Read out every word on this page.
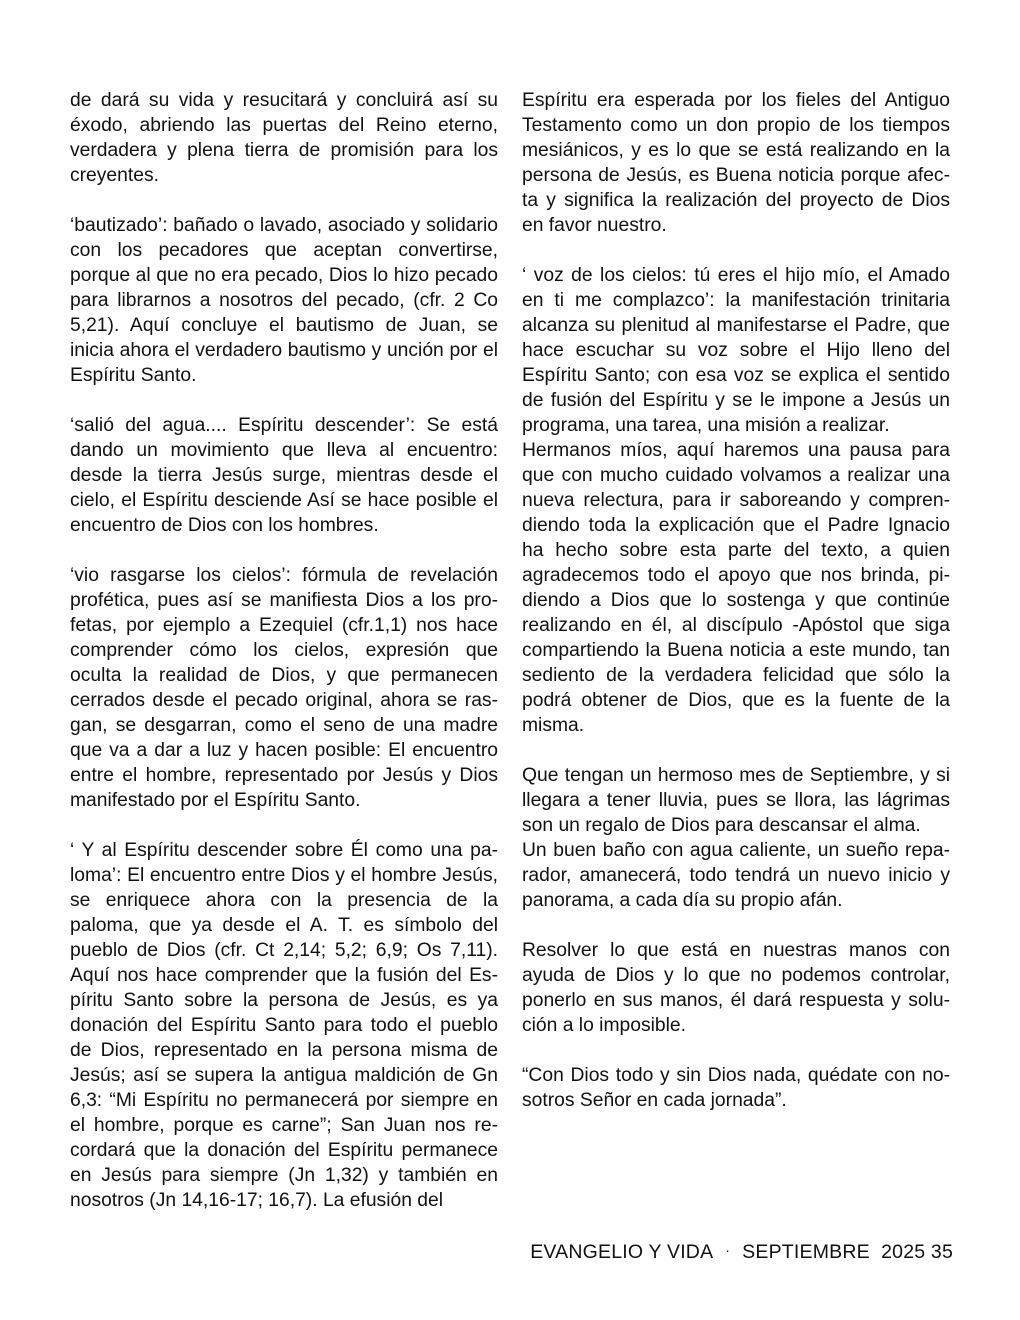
de dará su vida y resucitará y concluirá así su éxodo, abriendo las puertas del Reino eterno, verdadera y plena tierra de promisión para los creyentes.

‘bautizado’: bañado o lavado, asociado y solidario con los pecadores que aceptan convertirse, porque al que no era pecado, Dios lo hizo pecado para librarnos a nosotros del pecado, (cfr. 2 Co 5,21). Aquí concluye el bautismo de Juan, se inicia ahora el verdadero bautismo y unción por el Espíritu Santo.

‘salió del agua.... Espíritu descender’: Se está dando un movimiento que lleva al encuentro: desde la tierra Jesús surge, mientras desde el cielo, el Espíritu desciende Así se hace posible el encuentro de Dios con los hombres.

‘vio rasgarse los cielos’: fórmula de revelación profética, pues así se manifiesta Dios a los profetas, por ejemplo a Ezequiel (cfr.1,1) nos hace comprender cómo los cielos, expresión que oculta la realidad de Dios, y que permanecen cerrados desde el pecado original, ahora se rasgan, se desgarran, como el seno de una madre que va a dar a luz y hacen posible: El encuentro entre el hombre, representado por Jesús y Dios manifestado por el Espíritu Santo.

‘ Y al Espíritu descender sobre Él como una paloma’: El encuentro entre Dios y el hombre Jesús, se enriquece ahora con la presencia de la paloma, que ya desde el A. T. es símbolo del pueblo de Dios (cfr. Ct 2,14; 5,2; 6,9; Os 7,11). Aquí nos hace comprender que la fusión del Espíritu Santo sobre la persona de Jesús, es ya donación del Espíritu Santo para todo el pueblo de Dios, representado en la persona misma de Jesús; así se supera la antigua maldición de Gn 6,3: “Mi Espíritu no permanecerá por siempre en el hombre, porque es carne”; San Juan nos recordará que la donación del Espíritu permanece en Jesús para siempre (Jn 1,32) y también en nosotros (Jn 14,16-17; 16,7). La efusión del

Espíritu era esperada por los fieles del Antiguo Testamento como un don propio de los tiempos mesiánicos, y es lo que se está realizando en la persona de Jesús, es Buena noticia porque afecta y significa la realización del proyecto de Dios en favor nuestro.

‘ voz de los cielos: tú eres el hijo mío, el Amado en ti me complazco’: la manifestación trinitaria alcanza su plenitud al manifestarse el Padre, que hace escuchar su voz sobre el Hijo lleno del Espíritu Santo; con esa voz se explica el sentido de fusión del Espíritu y se le impone a Jesús un programa, una tarea, una misión a realizar.

Hermanos míos, aquí haremos una pausa para que con mucho cuidado volvamos a realizar una nueva relectura, para ir saboreando y comprendiendo toda la explicación que el Padre Ignacio ha hecho sobre esta parte del texto, a quien agradecemos todo el apoyo que nos brinda, pidiendo a Dios que lo sostenga y que continúe realizando en él, al discípulo -Apóstol que siga compartiendo la Buena noticia a este mundo, tan sediento de la verdadera felicidad que sólo la podrá obtener de Dios, que es la fuente de la misma.

Que tengan un hermoso mes de Septiembre, y si llegara a tener lluvia, pues se llora, las lágrimas son un regalo de Dios para descansar el alma.

Un buen baño con agua caliente, un sueño reparador, amanecerá, todo tendrá un nuevo inicio y panorama, a cada día su propio afán.

Resolver lo que está en nuestras manos con ayuda de Dios y lo que no podemos controlar, ponerlo en sus manos, él dará respuesta y solución a lo imposible.

“Con Dios todo y sin Dios nada, quédate con nosotros Señor en cada jornada”.

EVANGELIO Y VIDA · SEPTIEMBRE  2025 35
